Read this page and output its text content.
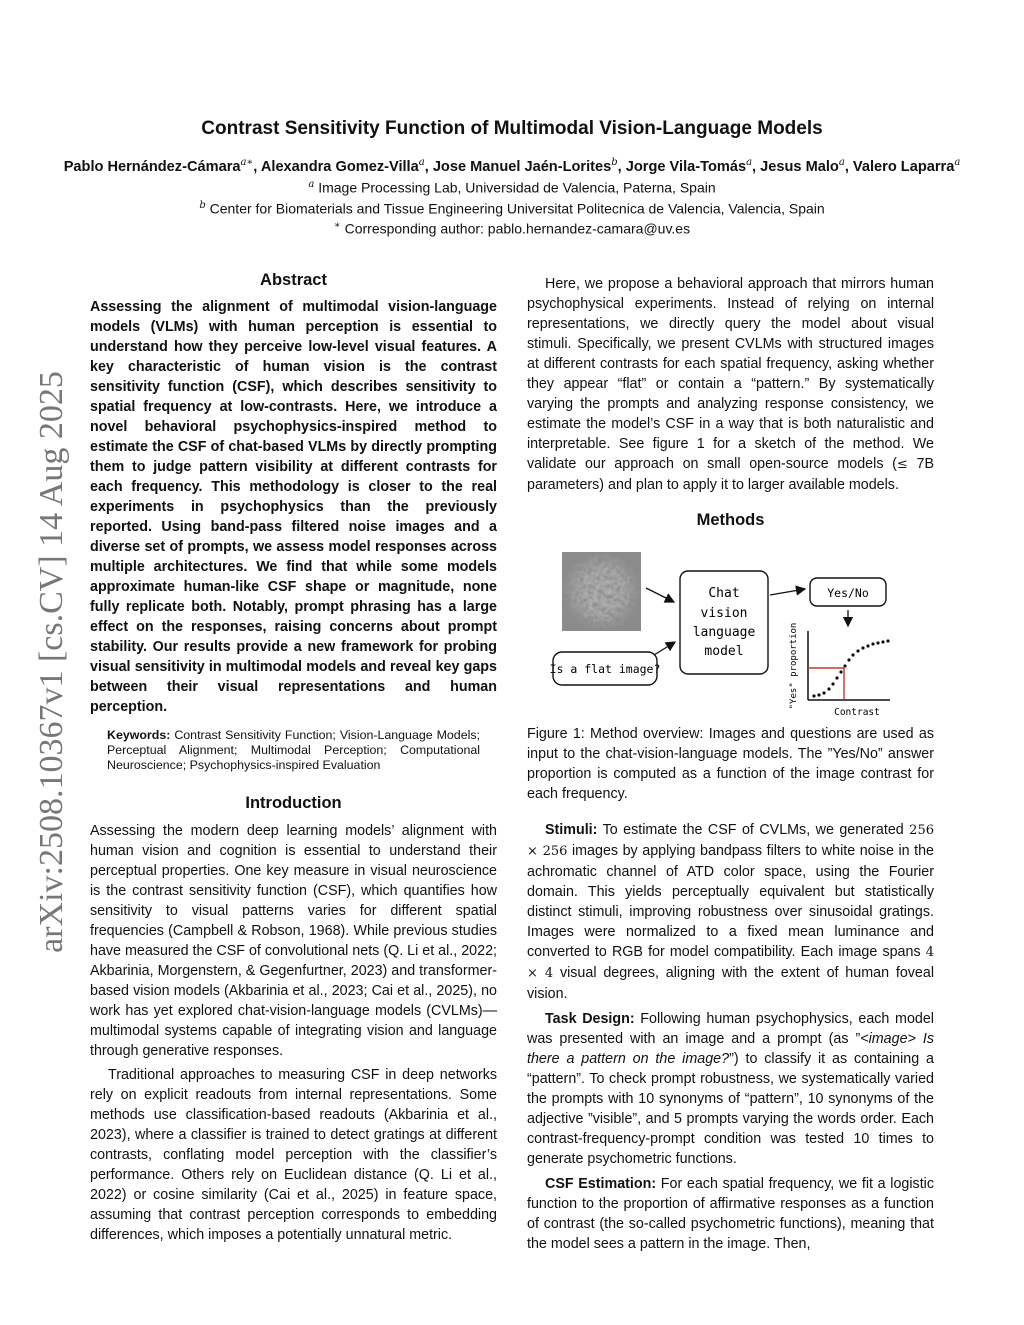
arXiv:2508.10367v1 [cs.CV] 14 Aug 2025
Contrast Sensitivity Function of Multimodal Vision-Language Models
Pablo Hernández-Cámara$^{a∗}$, Alexandra Gomez-Villa$^a$, Jose Manuel Jaén-Lorites$^b$, Jorge Vila-Tomás$^a$, Jesus Malo$^a$, Valero Laparra$^a$
$^a$ Image Processing Lab, Universidad de Valencia, Paterna, Spain
$^b$ Center for Biomaterials and Tissue Engineering Universitat Politecnica de Valencia, Valencia, Spain
∗ Corresponding author: pablo.hernandez-camara@uv.es
Abstract

Assessing the alignment of multimodal vision-language models (VLMs) with human perception is essential to understand how they perceive low-level visual features. A key characteristic of human vision is the contrast sensitivity function (CSF), which describes sensitivity to spatial frequency at low-contrasts. Here, we introduce a novel behavioral psychophysics-inspired method to estimate the CSF of chat-based VLMs by directly prompting them to judge pattern visibility at different contrasts for each frequency. This methodology is closer to the real experiments in psychophysics than the previously reported. Using band-pass filtered noise images and a diverse set of prompts, we assess model responses across multiple architectures. We find that while some models approximate human-like CSF shape or magnitude, none fully replicate both. Notably, prompt phrasing has a large effect on the responses, raising concerns about prompt stability. Our results provide a new framework for probing visual sensitivity in multimodal models and reveal key gaps between their visual representations and human perception.

Keywords: Contrast Sensitivity Function; Vision-Language Models; Perceptual Alignment; Multimodal Perception; Computational Neuroscience; Psychophysics-inspired Evaluation

Introduction

Assessing the modern deep learning models’ alignment with human vision and cognition is essential to understand their perceptual properties. One key measure in visual neuroscience is the contrast sensitivity function (CSF), which quantifies how sensitivity to visual patterns varies for different spatial frequencies (Campbell & Robson, 1968). While previous studies have measured the CSF of convolutional nets (Q. Li et al., 2022; Akbarinia, Morgenstern, & Gegenfurtner, 2023) and transformer-based vision models (Akbarinia et al., 2023; Cai et al., 2025), no work has yet explored chat-vision-language models (CVLMs)—multimodal systems capable of integrating vision and language through generative responses.

Traditional approaches to measuring CSF in deep networks rely on explicit readouts from internal representations. Some methods use classification-based readouts (Akbarinia et al., 2023), where a classifier is trained to detect gratings at different contrasts, conflating model perception with the classifier’s performance. Others rely on Euclidean distance (Q. Li et al., 2022) or cosine similarity (Cai et al., 2025) in feature space, assuming that contrast perception corresponds to embedding differences, which imposes a potentially unnatural metric.

Here, we propose a behavioral approach that mirrors human psychophysical experiments. Instead of relying on internal representations, we directly query the model about visual stimuli. Specifically, we present CVLMs with structured images at different contrasts for each spatial frequency, asking whether they appear “flat” or contain a “pattern.” By systematically varying the prompts and analyzing response consistency, we estimate the model’s CSF in a way that is both naturalistic and interpretable. See figure 1 for a sketch of the method. We validate our approach on small open-source models (≤ 7B parameters) and plan to apply it to larger available models.

Methods
Is a flat image?
Chat
vision
language
model
Yes/No
"Yes" proportion
Contrast

Figure 1: Method overview: Images and questions are used as input to the chat-vision-language models. The ”Yes/No” answer proportion is computed as a function of the image contrast for each frequency.

Stimuli: To estimate the CSF of CVLMs, we generated 256 × 256 images by applying bandpass filters to white noise in the achromatic channel of ATD color space, using the Fourier domain. This yields perceptually equivalent but statistically distinct stimuli, improving robustness over sinusoidal gratings. Images were normalized to a fixed mean luminance and converted to RGB for model compatibility. Each image spans 4 × 4 visual degrees, aligning with the extent of human foveal vision.

Task Design: Following human psychophysics, each model was presented with an image and a prompt (as ”<image> Is there a pattern on the image?”) to classify it as containing a “pattern”. To check prompt robustness, we systematically varied the prompts with 10 synonyms of “pattern”, 10 synonyms of the adjective ”visible”, and 5 prompts varying the words order. Each contrast-frequency-prompt condition was tested 10 times to generate psychometric functions.

CSF Estimation: For each spatial frequency, we fit a logistic function to the proportion of affirmative responses as a function of contrast (the so-called psychometric functions), meaning that the model sees a pattern in the image. Then,
